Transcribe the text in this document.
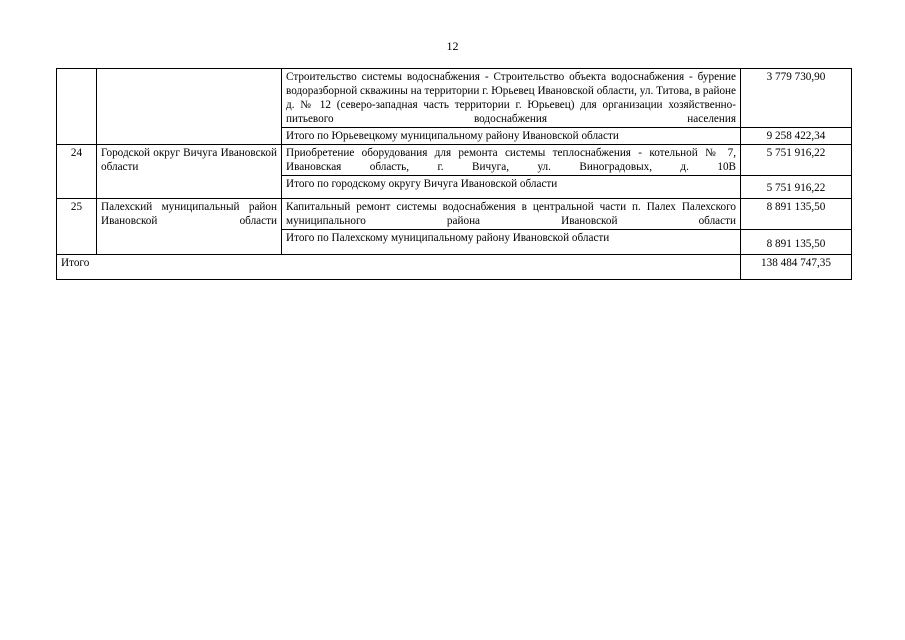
12
		Строительство системы водоснабжения - Строительство объекта водоснабжения - бурение водоразборной скважины на территории г. Юрьевец Ивановской области, ул. Титова, в районе д. № 12 (северо-западная часть территории г. Юрьевец) для организации хозяйственно-питьевого водоснабжения населения	3 779 730,90
		Итого по Юрьевецкому муниципальному району Ивановской области	9 258 422,34
24	Городской округ Вичуга Ивановской области	Приобретение оборудования для ремонта системы теплоснабжения - котельной № 7, Ивановская область, г. Вичуга, ул. Виноградовых, д. 10В	5 751 916,22
		Итого по городскому округу Вичуга Ивановской области	5 751 916,22
25	Палехский муниципальный район Ивановской области	Капитальный ремонт системы водоснабжения в центральной части п. Палех Палехского муниципального района Ивановской области	8 891 135,50
		Итого по Палехскому муниципальному району Ивановской области	8 891 135,50
Итого			138 484 747,35
